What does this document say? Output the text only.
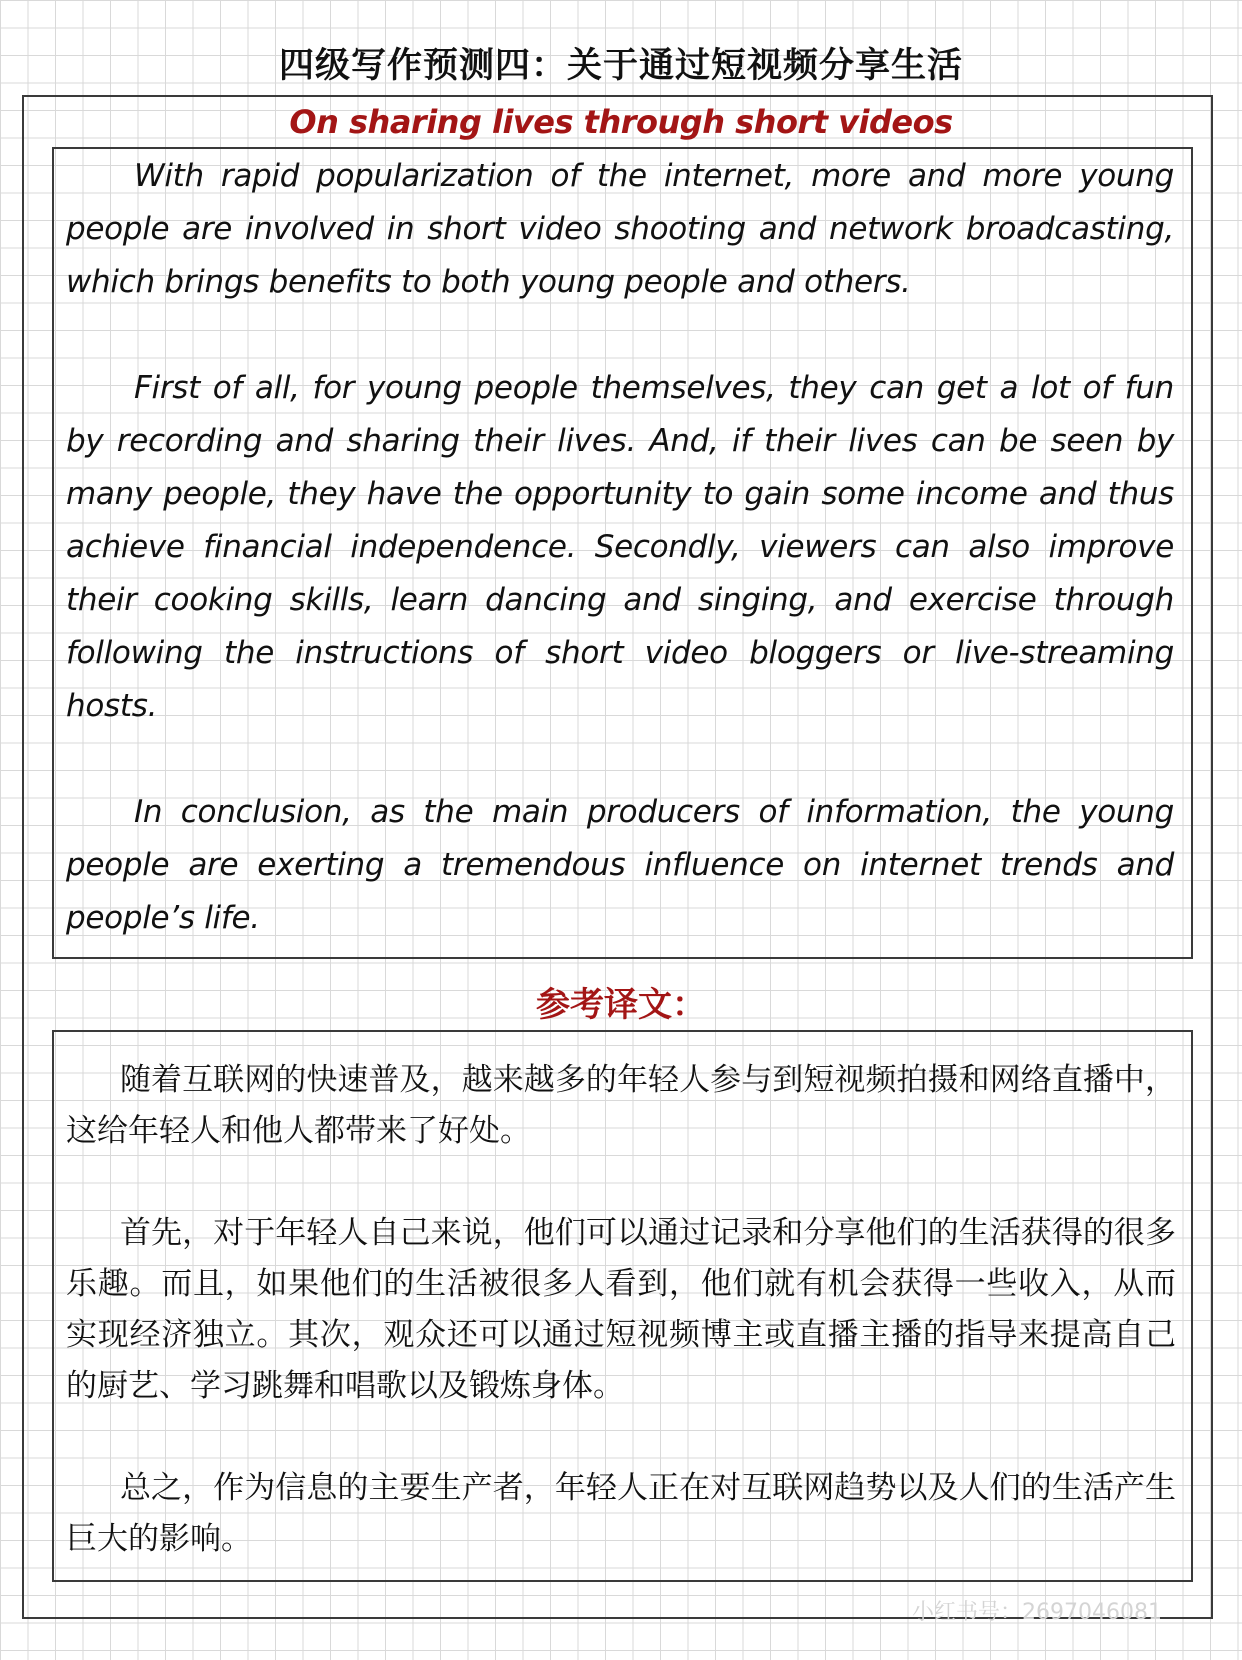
四级写作预测四：关于通过短视频分享生活
On sharing lives through short videos

With rapid popularization of the internet, more and more young people are involved in short video shooting and network broadcasting, which brings benefits to both young people and others.

First of all, for young people themselves, they can get a lot of fun by recording and sharing their lives. And, if their lives can be seen by many people, they have the opportunity to gain some income and thus achieve financial independence. Secondly, viewers can also improve their cooking skills, learn dancing and singing, and exercise through following the instructions of short video bloggers or live-streaming hosts.

In conclusion, as the main producers of information, the young people are exerting a tremendous influence on internet trends and people’s life.

参考译文：

随着互联网的快速普及，越来越多的年轻人参与到短视频拍摄和网络直播中，这给年轻人和他人都带来了好处。

首先，对于年轻人自己来说，他们可以通过记录和分享他们的生活获得的很多乐趣。而且，如果他们的生活被很多人看到，他们就有机会获得一些收入，从而实现经济独立。其次，观众还可以通过短视频博主或直播主播的指导来提高自己的厨艺、学习跳舞和唱歌以及锻炼身体。

总之，作为信息的主要生产者，年轻人正在对互联网趋势以及人们的生活产生巨大的影响。

小红书号：2697046081
